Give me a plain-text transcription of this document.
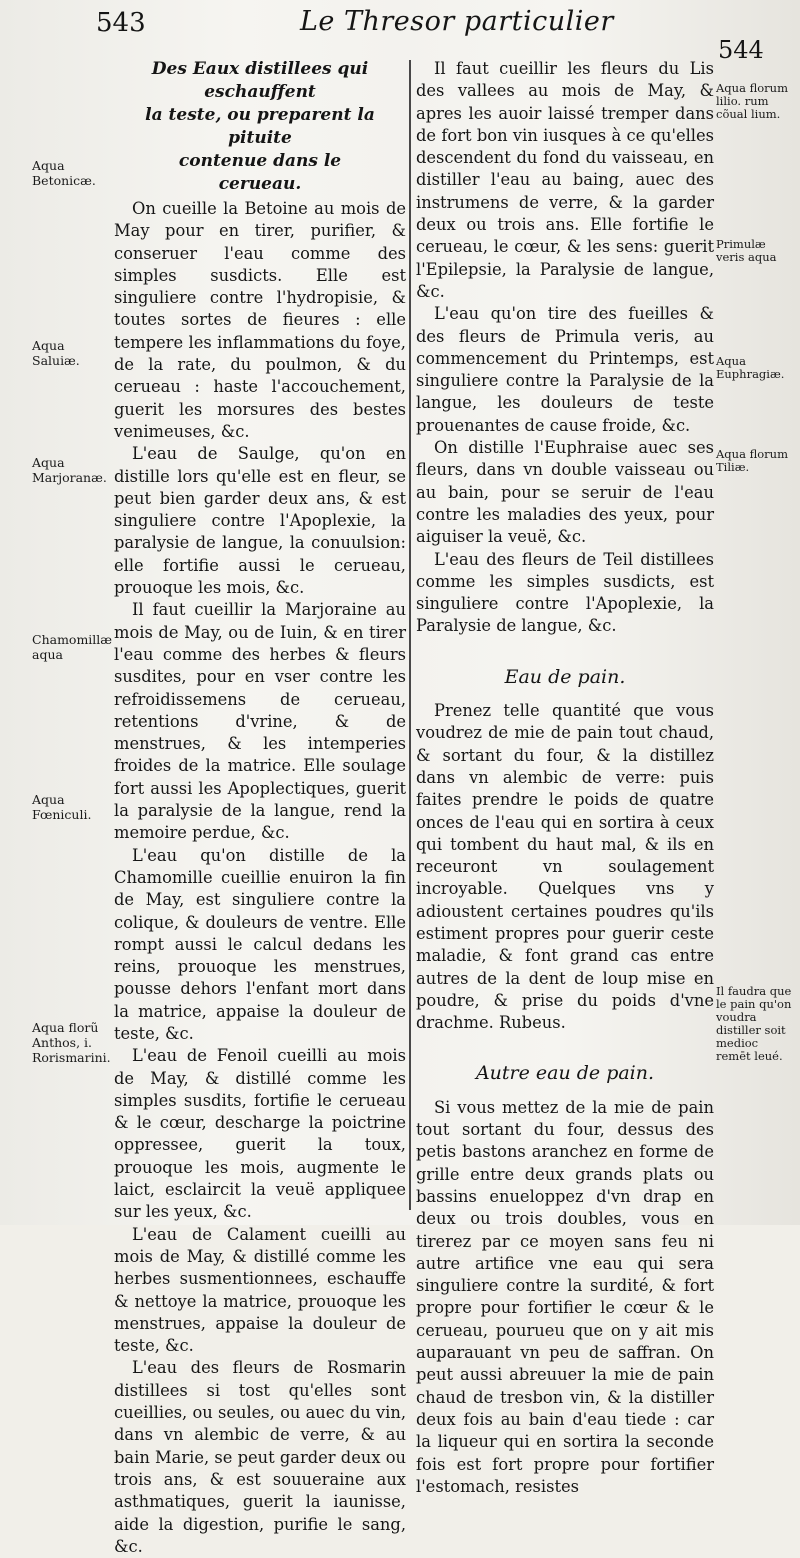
543	Le Thresor particulier
544
Des Eaux distillees qui eschauffent
la teste, ou preparent la pituite
contenue dans le
cerueau.

On cueille la Betoine au mois de May pour en tirer, purifier, & conseruer l'eau comme des simples susdicts. Elle est singuliere contre l'hydropisie, & toutes sortes de fieures : elle tempere les inflammations du foye, de la rate, du poulmon, & du cerueau : haste l'accouchement, guerit les morsures des bestes venimeuses, &c.

L'eau de Saulge, qu'on en distille lors qu'elle est en fleur, se peut bien garder deux ans, & est singuliere contre l'Apoplexie, la paralysie de langue, la conuulsion: elle fortifie aussi le cerueau, prouoque les mois, &c.

Il faut cueillir la Marjoraine au mois de May, ou de Iuin, & en tirer l'eau comme des herbes & fleurs susdites, pour en vser contre les refroidissemens de cerueau, retentions d'vrine, & de menstrues, & les intemperies froides de la matrice. Elle soulage fort aussi les Apoplectiques, guerit la paralysie de la langue, rend la memoire perdue, &c.

L'eau qu'on distille de la Chamomille cueillie enuiron la fin de May, est singuliere contre la colique, & douleurs de ventre. Elle rompt aussi le calcul dedans les reins, prouoque les menstrues, pousse dehors l'enfant mort dans la matrice, appaise la douleur de teste, &c.

L'eau de Fenoil cueilli au mois de May, & distillé comme les simples susdits, fortifie le cerueau & le cœur, descharge la poictrine oppressee, guerit la toux, prouoque les mois, augmente le laict, esclaircit la veuë appliquee sur les yeux, &c.

L'eau de Calament cueilli au mois de May, & distillé comme les herbes susmentionnees, eschauffe & nettoye la matrice, prouoque les menstrues, appaise la douleur de teste, &c.

L'eau des fleurs de Rosmarin distillees si tost qu'elles sont cueillies, ou seules, ou auec du vin, dans vn alembic de verre, & au bain Marie, se peut garder deux ou trois ans, & est souueraine aux asthmatiques, guerit la iaunisse, aide la digestion, purifie le sang, &c.

Aqua Betonicæ.
Aqua Saluiæ.
Aqua Marjoranæ.
Chamomillæ aqua
Aqua Fœniculi.
Aqua florũ Anthos, i. Rorismarini.

Il faut cueillir les fleurs du Lis des vallees au mois de May, & apres les auoir laissé tremper dans de fort bon vin iusques à ce qu'elles descendent du fond du vaisseau, en distiller l'eau au baing, auec des instrumens de verre, & la garder deux ou trois ans. Elle fortifie le cerueau, le cœur, & les sens: guerit l'Epilepsie, la Paralysie de langue, &c.

L'eau qu'on tire des fueilles & des fleurs de Primula veris, au commencement du Printemps, est singuliere contre la Paralysie de la langue, les douleurs de teste prouenantes de cause froide, &c.

On distille l'Euphraise auec ses fleurs, dans vn double vaisseau ou au bain, pour se seruir de l'eau contre les maladies des yeux, pour aiguiser la veuë, &c.

L'eau des fleurs de Teil distillees comme les simples susdicts, est singuliere contre l'Apoplexie, la Paralysie de langue, &c.

Eau de pain.

Prenez telle quantité que vous voudrez de mie de pain tout chaud, & sortant du four, & la distillez dans vn alembic de verre: puis faites prendre le poids de quatre onces de l'eau qui en sortira à ceux qui tombent du haut mal, & ils en receuront vn soulagement incroyable. Quelques vns y adioustent certaines poudres qu'ils estiment propres pour guerir ceste maladie, & font grand cas entre autres de la dent de loup mise en poudre, & prise du poids d'vne drachme. Rubeus.

Autre eau de pain.

Si vous mettez de la mie de pain tout sortant du four, dessus des petis bastons aranchez en forme de grille entre deux grands plats ou bassins enueloppez d'vn drap en deux ou trois doubles, vous en tirerez par ce moyen sans feu ni autre artifice vne eau qui sera singuliere contre la surdité, & fort propre pour fortifier le cœur & le cerueau, pourueu que on y ait mis auparauant vn peu de saffran. On peut aussi abreuuer la mie de pain chaud de tresbon vin, & la distiller deux fois au bain d'eau tiede : car la liqueur qui en sortira la seconde fois est fort propre pour fortifier l'estomach, resistes

Aqua florum lilio. rum cõual lium.
Primulæ veris aqua
Aqua Euphragiæ.
Aqua florum Tiliæ.
Il faudra que le pain qu'on voudra distiller soit medioc remēt leué.
